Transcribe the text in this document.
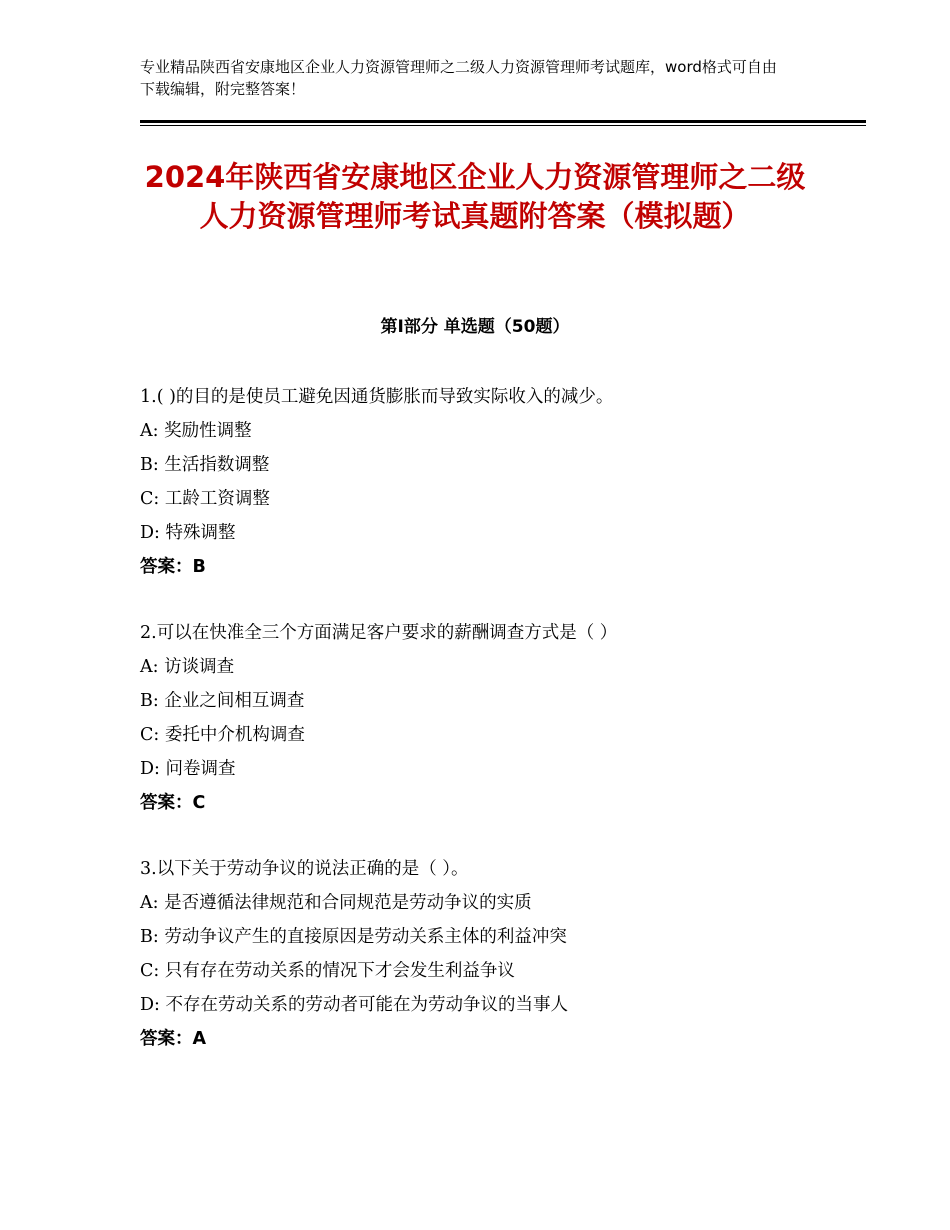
专业精品陕西省安康地区企业人力资源管理师之二级人力资源管理师考试题库，word格式可自由下载编辑，附完整答案！
2024年陕西省安康地区企业人力资源管理师之二级人力资源管理师考试真题附答案（模拟题）
第Ⅰ部分 单选题（50题）
1.( )的目的是使员工避免因通货膨胀而导致实际收入的减少。
A: 奖励性调整
B: 生活指数调整
C: 工龄工资调整
D: 特殊调整
答案：B
2.可以在快准全三个方面满足客户要求的薪酬调查方式是（ ）
A: 访谈调查
B: 企业之间相互调查
C: 委托中介机构调查
D: 问卷调查
答案：C
3.以下关于劳动争议的说法正确的是（ ）。
A: 是否遵循法律规范和合同规范是劳动争议的实质
B: 劳动争议产生的直接原因是劳动关系主体的利益冲突
C: 只有存在劳动关系的情况下才会发生利益争议
D: 不存在劳动关系的劳动者可能在为劳动争议的当事人
答案：A
